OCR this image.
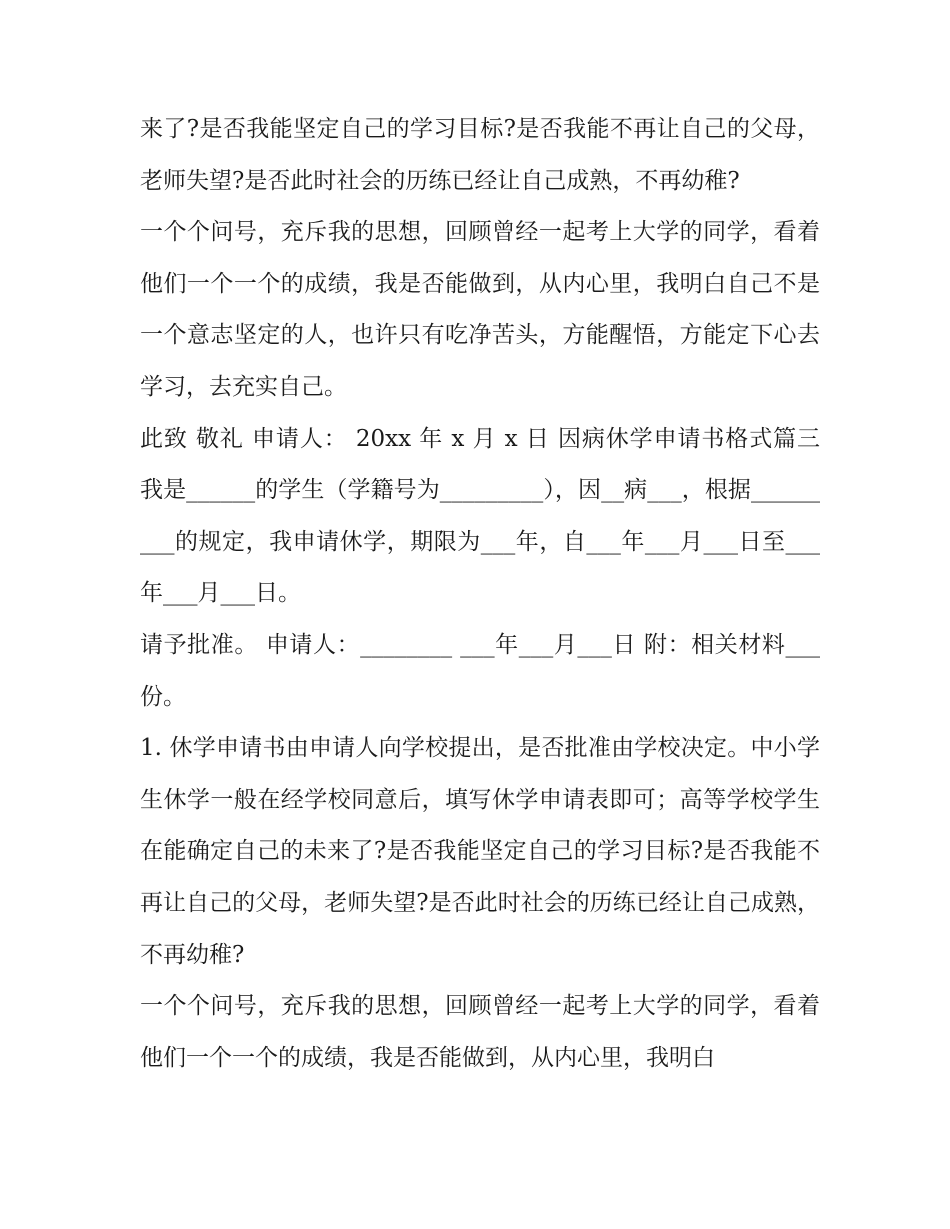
来了?是否我能坚定自己的学习目标?是否我能不再让自己的父母，老师失望?是否此时社会的历练已经让自己成熟，不再幼稚?

一个个问号，充斥我的思想，回顾曾经一起考上大学的同学，看着他们一个一个的成绩，我是否能做到，从内心里，我明白自己不是一个意志坚定的人，也许只有吃净苦头，方能醒悟，方能定下心去学习，去充实自己。

此致 敬礼 申请人： 20xx 年 x 月 x 日 因病休学申请书格式篇三 我是______的学生（学籍号为_________），因__病___，根据_________的规定，我申请休学，期限为___年，自___年___月___日至___年___月___日。

请予批准。 申请人：________ ___年___月___日 附：相关材料___份。

1. 休学申请书由申请人向学校提出，是否批准由学校决定。中小学生休学一般在经学校同意后，填写休学申请表即可；高等学校学生在能确定自己的未来了?是否我能坚定自己的学习目标?是否我能不再让自己的父母，老师失望?是否此时社会的历练已经让自己成熟，不再幼稚?

一个个问号，充斥我的思想，回顾曾经一起考上大学的同学，看着他们一个一个的成绩，我是否能做到，从内心里，我明白
